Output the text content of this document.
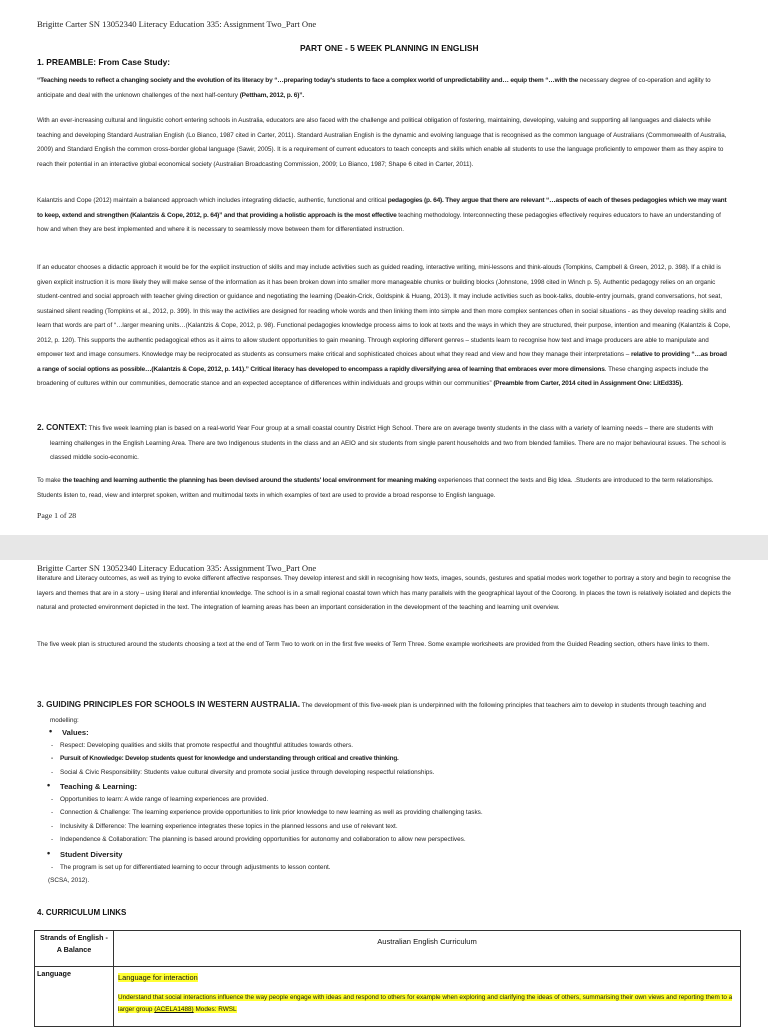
Brigitte Carter SN 13052340 Literacy Education 335: Assignment Two_Part One
PART ONE - 5 WEEK PLANNING IN ENGLISH
1. PREAMBLE: From Case Study:

“Teaching needs to reflect a changing society and the evolution of its literacy by “…preparing today's students to face a complex world of unpredictability and… equip them “…with the necessary degree of co-operation and agility to anticipate and deal with the unknown challenges of the next half-century (Pettham, 2012, p. 6)”.

With an ever-increasing cultural and linguistic cohort entering schools in Australia, educators are also faced with the challenge and political obligation of fostering, maintaining, developing, valuing and supporting all languages and dialects while teaching and developing Standard Australian English (Lo Bianco, 1987 cited in Carter, 2011). Standard Australian English is the dynamic and evolving language that is recognised as the common language of Australians (Commonwealth of Australia, 2009) and Standard English the common cross-border global language (Sawir, 2005). It is a requirement of current educators to teach concepts and skills which enable all students to use the language proficiently to empower them as they aspire to reach their potential in an interactive global economical society (Australian Broadcasting Commission, 2009; Lo Bianco, 1987; Shape 6 cited in Carter, 2011).

Kalantzis and Cope (2012) maintain a balanced approach which includes integrating didactic, authentic, functional and critical pedagogies (p. 64). They argue that there are relevant “…aspects of each of theses pedagogies which we may want to keep, extend and strengthen (Kalantzis & Cope, 2012, p. 64)” and that providing a holistic approach is the most effective teaching methodology. Interconnecting these pedagogies effectively requires educators to have an understanding of how and when they are best implemented and where it is necessary to seamlessly move between them for differentiated instruction.

If an educator chooses a didactic approach it would be for the explicit instruction of skills and may include activities such as guided reading, interactive writing, mini-lessons and think-alouds (Tompkins, Campbell & Green, 2012, p. 398). If a child is given explicit instruction it is more likely they will make sense of the information as it has been broken down into smaller more manageable chunks or building blocks (Johnstone, 1998 cited in Winch p. 5). Authentic pedagogy relies on an organic student-centred and social approach with teacher giving direction or guidance and negotiating the learning (Deakin-Crick, Goldspink & Huang, 2013). It may include activities such as book-talks, double-entry journals, grand conversations, hot seat, sustained silent reading (Tompkins et al., 2012, p. 399). In this way the activities are designed for reading whole words and then linking them into simple and then more complex sentences often in social situations - as they develop reading skills and learn that words are part of “…larger meaning units…(Kalantzis & Cope, 2012, p. 98). Functional pedagogies knowledge process aims to look at texts and the ways in which they are structured, their purpose, intention and meaning (Kalantzis & Cope, 2012, p. 120). This supports the authentic pedagogical ethos as it aims to allow student opportunities to gain meaning. Through exploring different genres – students learn to recognise how text and image producers are able to manipulate and empower text and image consumers. Knowledge may be reciprocated as students as consumers make critical and sophisticated choices about what they read and view and how they manage their interpretations – relative to providing “…as broad a range of social options as possible…(Kalantzis & Cope, 2012, p. 141).” Critical literacy has developed to encompass a rapidly diversifying area of learning that embraces ever more dimensions. These changing aspects include the broadening of cultures within our communities, democratic stance and an expected acceptance of differences within individuals and groups within our communities” (Preamble from Carter, 2014 cited in Assignment One: LitEd335).

2. CONTEXT: This five week learning plan is based on a real-world Year Four group at a small coastal country District High School. There are on average twenty students in the class with a variety of learning needs – there are students with learning challenges in the English Learning Area. There are two Indigenous students in the class and an AEIO and six students from single parent households and two from blended families. There are no major behavioural issues. The school is classed middle socio-economic.

To make the teaching and learning authentic the planning has been devised around the students' local environment for meaning making experiences that connect the texts and Big Idea. .Students are introduced to the term relationships. Students listen to, read, view and interpret spoken, written and multimodal texts in which examples of text are used to provide a broad response to English language.

Page 1 of 28
Brigitte Carter SN 13052340 Literacy Education 335: Assignment Two_Part One

literature and Literacy outcomes, as well as trying to evoke different affective responses. They develop interest and skill in recognising how texts, images, sounds, gestures and spatial modes work together to portray a story and begin to recognise the layers and themes that are in a story – using literal and inferential knowledge. The school is in a small regional coastal town which has many parallels with the geographical layout of the Coorong. In places the town is relatively isolated and depicts the natural and protected environment depicted in the text. The integration of learning areas has been an important consideration in the development of the teaching and learning unit overview.

The five week plan is structured around the students choosing a text at the end of Term Two to work on in the first five weeks of Term Three. Some example worksheets are provided from the Guided Reading section, others have links to them.

3. GUIDING PRINCIPLES FOR SCHOOLS IN WESTERN AUSTRALIA. The development of this five-week plan is underpinned with the following principles that teachers aim to develop in students through teaching and modelling:

• Values:
- Respect: Developing qualities and skills that promote respectful and thoughtful attitudes towards others.
- Pursuit of Knowledge: Develop students quest for knowledge and understanding through critical and creative thinking.
- Social & Civic Responsibility: Students value cultural diversity and promote social justice through developing respectful relationships.
• Teaching & Learning:
- Opportunities to learn: A wide range of learning experiences are provided.
- Connection & Challenge: The learning experience provide opportunities to link prior knowledge to new learning as well as providing challenging tasks.
- Inclusivity & Difference: The learning experience integrates these topics in the planned lessons and use of relevant text.
- Independence & Collaboration: The planning is based around providing opportunities for autonomy and collaboration to allow new perspectives.
• Student Diversity
- The program is set up for differentiated learning to occur through adjustments to lesson content.
(SCSA, 2012).
4. CURRICULUM LINKS
Strands of English - A Balance	Australian English Curriculum
Language	Language for interaction
Understand that social interactions influence the way people engage with ideas and respond to others for example when exploring and clarifying the ideas of others, summarising their own views and reporting them to a larger group (ACELA1488) Modes: RWSL
